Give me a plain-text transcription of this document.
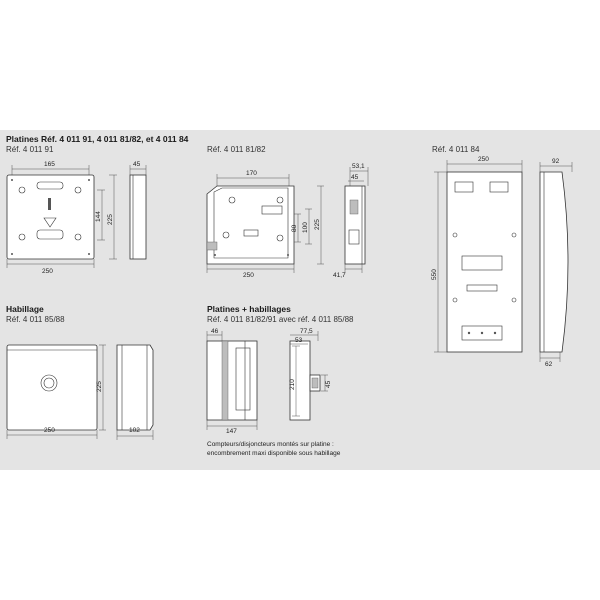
Platines Réf. 4 011 91, 4 011 81/82, et 4 011 84
Réf. 4 011 91	Réf. 4 011 81/82	Réf. 4 011 84
Habillage
Réf. 4 011 85/88
Platines + habillages
Réf. 4 011 81/82/91 avec réf. 4 011 85/88
165
250
144 225
45
170
250
80 100 225
53,1
45
41,7
250
550
92
62
250
225
102
46
147
77,5
53
210	45
Compteurs/disjoncteurs montés sur platine :
encombrement maxi disponible sous habillage
